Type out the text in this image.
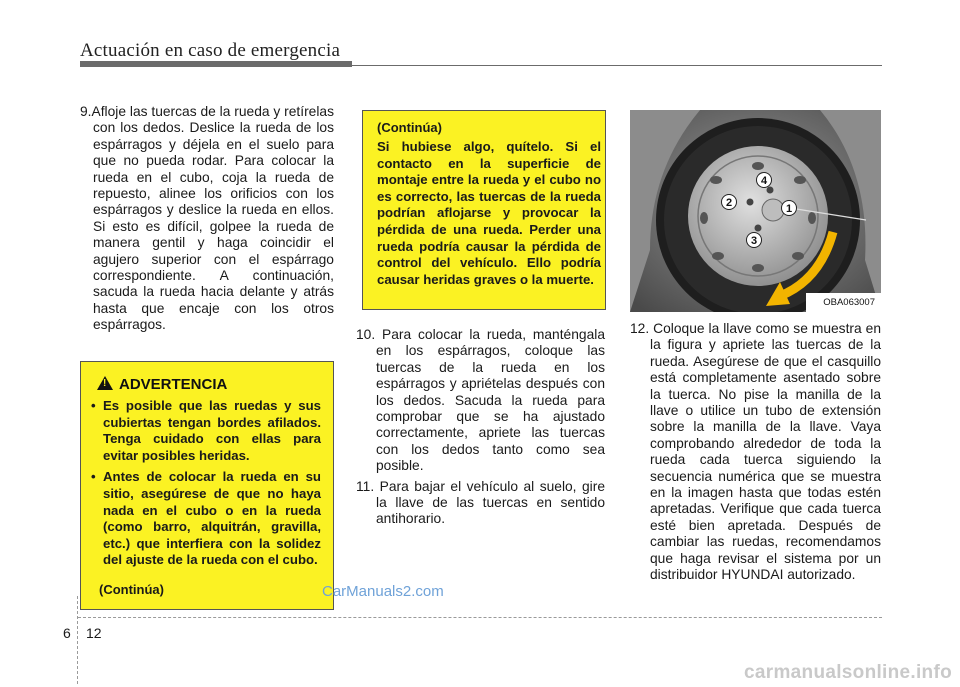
Actuación en caso de emergencia

9.Afloje las tuercas de la rueda y retírelas con los dedos. Deslice la rueda de los espárragos y déjela en el suelo para que no pueda rodar. Para colocar la rueda en el cubo, coja la rueda de repuesto, alinee los orificios con los espárragos y deslice la rueda en ellos. Si esto es difícil, golpee la rueda de manera gentil y haga coincidir el agujero superior con el espárrago correspondiente. A continuación, sacuda la rueda hacia delante y atrás hasta que encaje con los otros espárragos.

!ADVERTENCIA

• Es posible que las ruedas y sus cubiertas tengan bordes afilados. Tenga cuidado con ellas para evitar posibles heridas.

• Antes de colocar la rueda en su sitio, asegúrese de que no haya nada en el cubo o en la rueda (como barro, alquitrán, gravilla, etc.) que interfiera con la solidez del ajuste de la rueda con el cubo.

(Continúa)
(Continúa)
Si hubiese algo, quítelo. Si el contacto en la superficie de montaje entre la rueda y el cubo no es correcto, las tuercas de la rueda podrían aflojarse y provocar la pérdida de una rueda. Perder una rueda podría causar la pérdida de control del vehículo. Ello podría causar heridas graves o la muerte.

10. Para colocar la rueda, manténgala en los espárragos, coloque las tuercas de la rueda en los espárragos y apriételas después con los dedos. Sacuda la rueda para comprobar que se ha ajustado correctamente, apriete las tuercas con los dedos tanto como sea posible.

11. Para bajar el vehículo al suelo, gire la llave de las tuercas en sentido antihorario.

1
2
3
4
OBA063007

12. Coloque la llave como se muestra en la figura y apriete las tuercas de la rueda. Asegúrese de que el casquillo está completamente asentado sobre la tuerca. No pise la manilla de la llave o utilice un tubo de extensión sobre la manilla de la llave. Vaya comprobando alrededor de toda la rueda cada tuerca siguiendo la secuencia numérica que se muestra en la imagen hasta que todas estén apretadas. Verifique que cada tuerca esté bien apretada. Después de cambiar las ruedas, recomendamos que haga revisar el sistema por un distribuidor HYUNDAI autorizado.

CarManuals2.com
6 12
carmanualsonline.info
